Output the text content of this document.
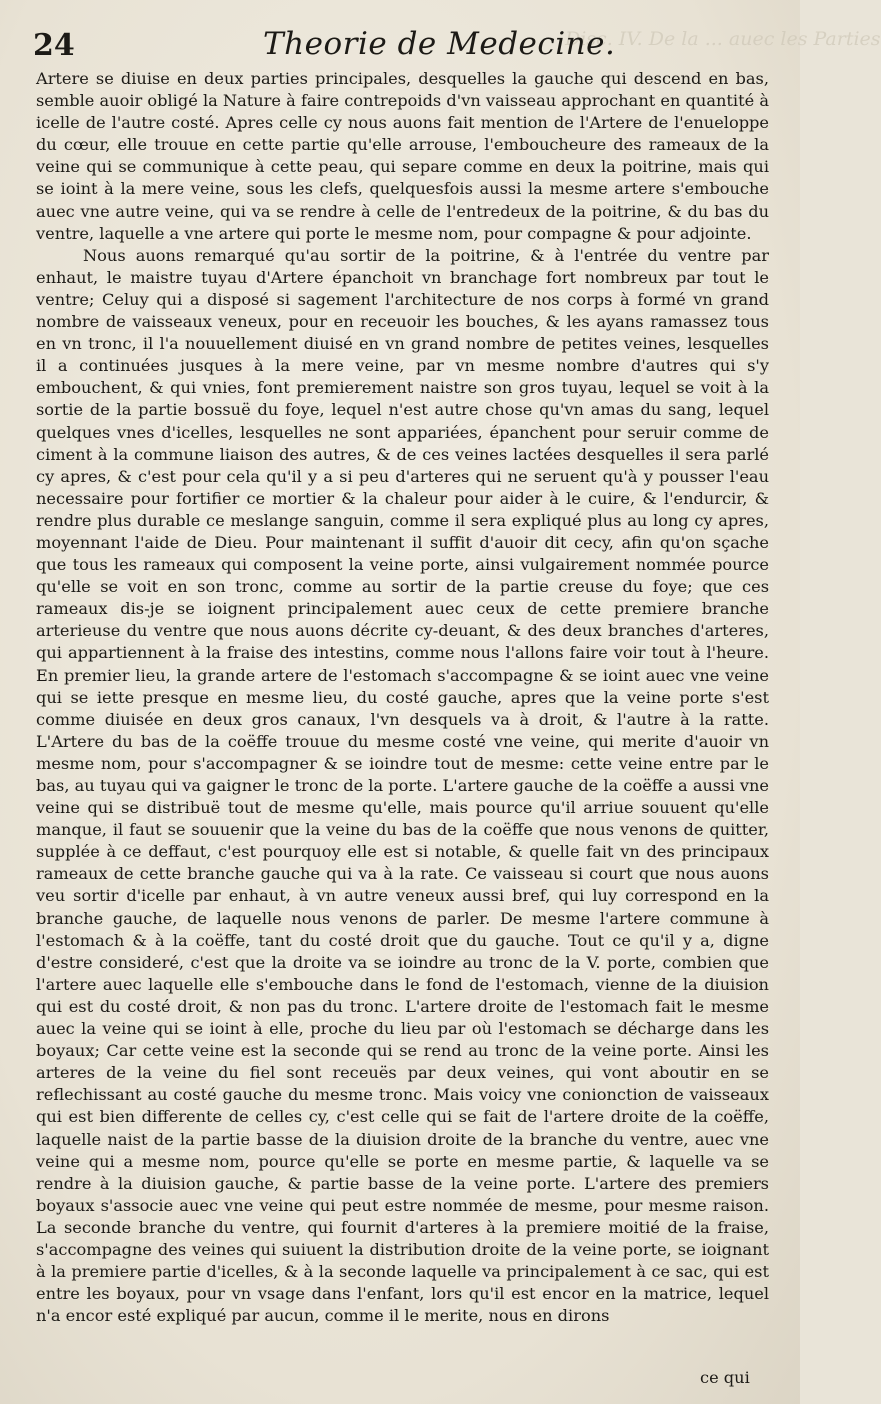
Disc. IV. De la ... auec les Parties
24	Theorie de Medecine.

Artere se diuise en deux parties principales, desquelles la gauche qui descend en bas, semble auoir obligé la Nature à faire contrepoids d'vn vaisseau approchant en quantité à icelle de l'autre costé. Apres celle cy nous auons fait mention de l'Artere de l'enueloppe du cœur, elle trouue en cette partie qu'elle arrouse, l'emboucheure des rameaux de la veine qui se communique à cette peau, qui separe comme en deux la poitrine, mais qui se ioint à la mere veine, sous les clefs, quelquesfois aussi la mesme artere s'embouche auec vne autre veine, qui va se rendre à celle de l'entredeux de la poitrine, & du bas du ventre, laquelle a vne artere qui porte le mesme nom, pour compagne & pour adjointe.

Nous auons remarqué qu'au sortir de la poitrine, & à l'entrée du ventre par enhaut, le maistre tuyau d'Artere épanchoit vn branchage fort nombreux par tout le ventre; Celuy qui a disposé si sagement l'architecture de nos corps à formé vn grand nombre de vaisseaux veneux, pour en receuoir les bouches, & les ayans ramassez tous en vn tronc, il l'a nouuellement diuisé en vn grand nombre de petites veines, lesquelles il a continuées jusques à la mere veine, par vn mesme nombre d'autres qui s'y embouchent, & qui vnies, font premierement naistre son gros tuyau, lequel se voit à la sortie de la partie bossuë du foye, lequel n'est autre chose qu'vn amas du sang, lequel quelques vnes d'icelles, lesquelles ne sont appariées, épanchent pour seruir comme de ciment à la commune liaison des autres, & de ces veines lactées desquelles il sera parlé cy apres, & c'est pour cela qu'il y a si peu d'arteres qui ne seruent qu'à y pousser l'eau necessaire pour fortifier ce mortier & la chaleur pour aider à le cuire, & l'endurcir, & rendre plus durable ce meslange sanguin, comme il sera expliqué plus au long cy apres, moyennant l'aide de Dieu. Pour maintenant il suffit d'auoir dit cecy, afin qu'on sçache que tous les rameaux qui composent la veine porte, ainsi vulgairement nommée pource qu'elle se voit en son tronc, comme au sortir de la partie creuse du foye; que ces rameaux dis-je se ioignent principalement auec ceux de cette premiere branche arterieuse du ventre que nous auons décrite cy-deuant, & des deux branches d'arteres, qui appartiennent à la fraise des intestins, comme nous l'allons faire voir tout à l'heure. En premier lieu, la grande artere de l'estomach s'accompagne & se ioint auec vne veine qui se iette presque en mesme lieu, du costé gauche, apres que la veine porte s'est comme diuisée en deux gros canaux, l'vn desquels va à droit, & l'autre à la ratte. L'Artere du bas de la coëffe trouue du mesme costé vne veine, qui merite d'auoir vn mesme nom, pour s'accompagner & se ioindre tout de mesme: cette veine entre par le bas, au tuyau qui va gaigner le tronc de la porte. L'artere gauche de la coëffe a aussi vne veine qui se distribuë tout de mesme qu'elle, mais pource qu'il arriue souuent qu'elle manque, il faut se souuenir que la veine du bas de la coëffe que nous venons de quitter, supplée à ce deffaut, c'est pourquoy elle est si notable, & quelle fait vn des principaux rameaux de cette branche gauche qui va à la rate. Ce vaisseau si court que nous auons veu sortir d'icelle par enhaut, à vn autre veneux aussi bref, qui luy correspond en la branche gauche, de laquelle nous venons de parler. De mesme l'artere commune à l'estomach & à la coëffe, tant du costé droit que du gauche. Tout ce qu'il y a, digne d'estre consideré, c'est que la droite va se ioindre au tronc de la V. porte, combien que l'artere auec laquelle elle s'embouche dans le fond de l'estomach, vienne de la diuision qui est du costé droit, & non pas du tronc. L'artere droite de l'estomach fait le mesme auec la veine qui se ioint à elle, proche du lieu par où l'estomach se décharge dans les boyaux; Car cette veine est la seconde qui se rend au tronc de la veine porte. Ainsi les arteres de la veine du fiel sont receuës par deux veines, qui vont aboutir en se reflechissant au costé gauche du mesme tronc. Mais voicy vne conionction de vaisseaux qui est bien differente de celles cy, c'est celle qui se fait de l'artere droite de la coëffe, laquelle naist de la partie basse de la diuision droite de la branche du ventre, auec vne veine qui a mesme nom, pource qu'elle se porte en mesme partie, & laquelle va se rendre à la diuision gauche, & partie basse de la veine porte. L'artere des premiers boyaux s'associe auec vne veine qui peut estre nommée de mesme, pour mesme raison. La seconde branche du ventre, qui fournit d'arteres à la premiere moitié de la fraise, s'accompagne des veines qui suiuent la distribution droite de la veine porte, se ioignant à la premiere partie d'icelles, & à la seconde laquelle va principalement à ce sac, qui est entre les boyaux, pour vn vsage dans l'enfant, lors qu'il est encor en la matrice, lequel n'a encor esté expliqué par aucun, comme il le merite, nous en dirons

ce qui
